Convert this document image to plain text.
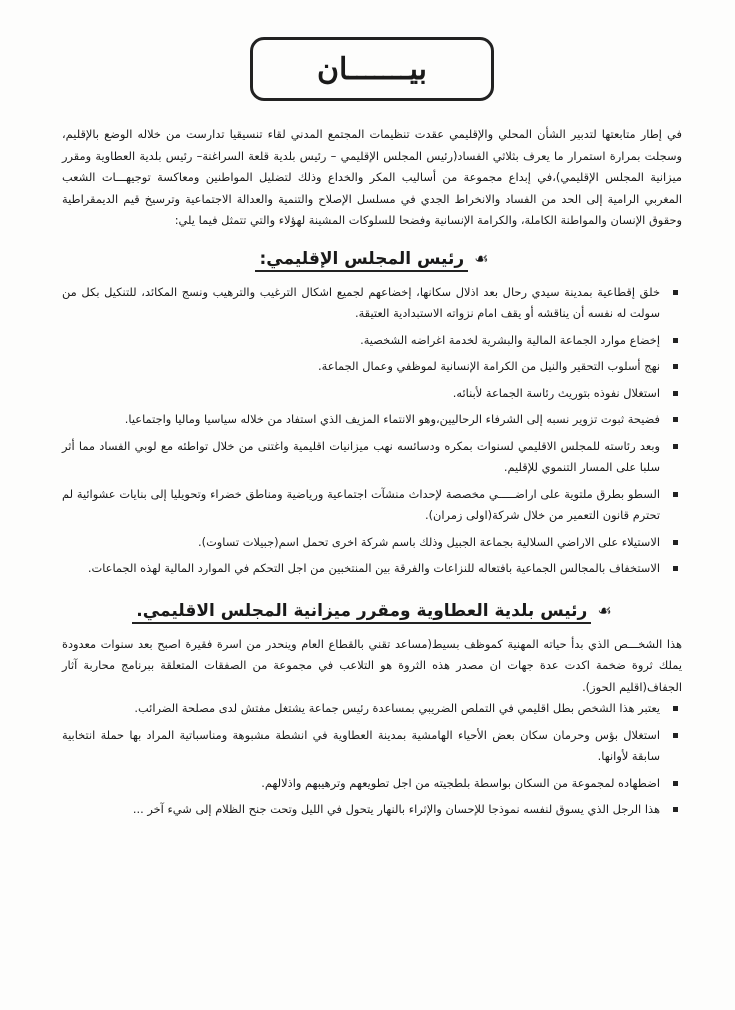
بيـــــــان

في إطار متابعتها لتدبير الشأن المحلي والإقليمي عقدت تنظيمات المجتمع المدني لقاء تنسيقيا تدارست من خلاله الوضع بالإقليم، وسجلت بمرارة استمرار ما يعرف بثلاثي الفساد(رئيس المجلس الإقليمي – رئيس بلدية قلعة السراغنة– رئيس بلدية العطاوية ومقرر ميزانية المجلس الإقليمي)،في إبداع مجموعة من أساليب المكر والخداع وذلك لتضليل المواطنين ومعاكسة توجيهـــات الشعب المغربي الرامية إلى الحد من الفساد والانخراط الجدي في مسلسل الإصلاح والتنمية والعدالة الاجتماعية وترسيخ قيم الديمقراطية وحقوق الإنسان والمواطنة الكاملة، والكرامة الإنسانية وفضحا للسلوكات المشينة لهؤلاء والتي تتمثل فيما يلي:

☙رئيس المجلس الإقليمي:
خلق إقطاعية بمدينة سيدي رحال بعد اذلال سكانها، إخضاعهم لجميع اشكال الترغيب والترهيب ونسج المكائد، للتنكيل بكل من سولت له نفسه أن يناقشه أو يقف امام نزواته الاستبدادية العتيقة.
إخضاع موارد الجماعة المالية والبشرية لخدمة اغراضه الشخصية.
نهج أسلوب التحقير والنيل من الكرامة الإنسانية لموظفي وعمال الجماعة.
استغلال نفوذه بتوريث رئاسة الجماعة لأبنائه.
فضيحة ثبوت تزوير نسبه إلى الشرفاء الرحاليين،وهو الانتماء المزيف الذي استفاد من خلاله سياسيا وماليا واجتماعيا.
وبعد رئاسته للمجلس الاقليمي لسنوات بمكره ودسائسه نهب ميزانيات اقليمية واغتنى من خلال تواطئه مع لوبي الفساد مما أثر سلبا على المسار التنموي للإقليم.
السطو بطرق ملتوية على اراضـــــي مخصصة لإحداث منشآت اجتماعية ورياضية ومناطق خضراء وتحويليا إلى بنايات عشوائية لم تحترم قانون التعمير من خلال شركة(اولى زمران).
الاستيلاء على الاراضي السلالية بجماعة الجبيل وذلك باسم شركة اخرى تحمل اسم(جبيلات تساوت).
الاستخفاف بالمجالس الجماعية بافتعاله للنزاعات والفرقة بين المنتخبين من اجل التحكم في الموارد المالية لهذه الجماعات.
☙رئيس بلدية العطاوية ومقرر ميزانية المجلس الاقليمي.

هذا الشخـــص الذي بدأ حياته المهنية كموظف بسيط(مساعد تقني بالقطاع العام وينحدر من اسرة فقيرة اصبح بعد سنوات معدودة يملك ثروة ضخمة اكدت عدة جهات ان مصدر هذه الثروة هو التلاعب في مجموعة من الصفقات المتعلقة ببرنامج محاربة آثار الجفاف(اقليم الحوز).

يعتبر هذا الشخص بطل اقليمي في التملص الضريبي بمساعدة رئيس جماعة يشتغل مفتش لدى مصلحة الضرائب.
استغلال بؤس وحرمان سكان بعض الأحياء الهامشية بمدينة العطاوية في انشطة مشبوهة ومناسباتية المراد بها حملة انتخابية سابقة لأوانها.
اضطهاده لمجموعة من السكان بواسطة بلطجيته من اجل تطويعهم وترهيبهم واذلالهم.
هذا الرجل الذي يسوق لنفسه نموذجا للإحسان والإثراء بالنهار يتحول في الليل وتحت جنح الظلام إلى شيء آخر ...
